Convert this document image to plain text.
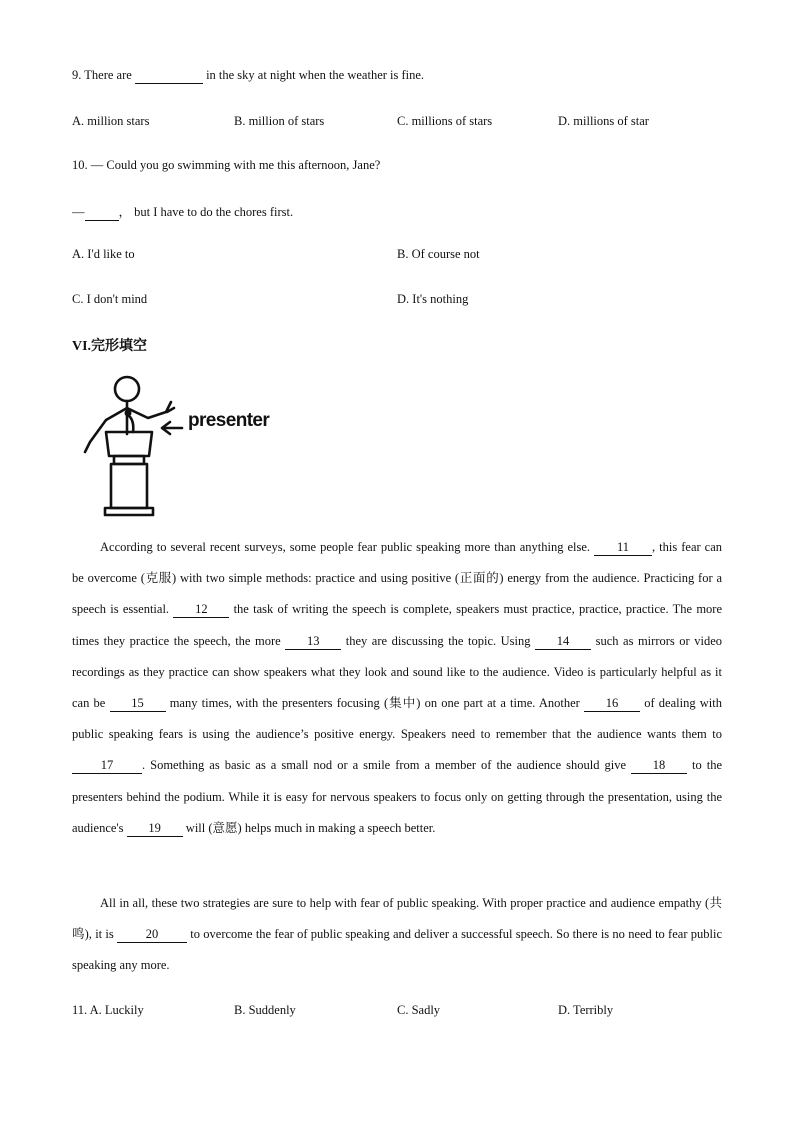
9. There are	in the sky at night when the weather is fine.
A. million stars	B. million of stars	C. millions of stars	D. millions of star
10. — Could you go swimming with me this afternoon, Jane?
—	， but I have to do the chores first.
A. I'd like to	B. Of course not
C. I don't mind	D. It's nothing
VI.完形填空
presenter
According to several recent surveys, some people fear public speaking more than anything else. 11 , this fear can be overcome (克服) with two simple methods: practice and using positive (正面的) energy from the audience. Practicing for a speech is essential. 12 the task of writing the speech is complete, speakers must practice, practice, practice. The more times they practice the speech, the more 13 they are discussing the topic. Using 14 such as mirrors or video recordings as they practice can show speakers what they look and sound like to the audience. Video is particularly helpful as it can be 15 many times, with the presenters focusing (集中) on one part at a time. Another 16 of dealing with public speaking fears is using the audience’s positive energy. Speakers need to remember that the audience wants them to 17 . Something as basic as a small nod or a smile from a member of the audience should give 18 to the presenters behind the podium. While it is easy for nervous speakers to focus only on getting through the presentation, using the audience's 19 will (意愿) helps much in making a speech better.
All in all, these two strategies are sure to help with fear of public speaking. With proper practice and audience empathy (共鸣), it is 20 to overcome the fear of public speaking and deliver a successful speech. So there is no need to fear public speaking any more.
11. A. Luckily	B. Suddenly	C. Sadly	D. Terribly
